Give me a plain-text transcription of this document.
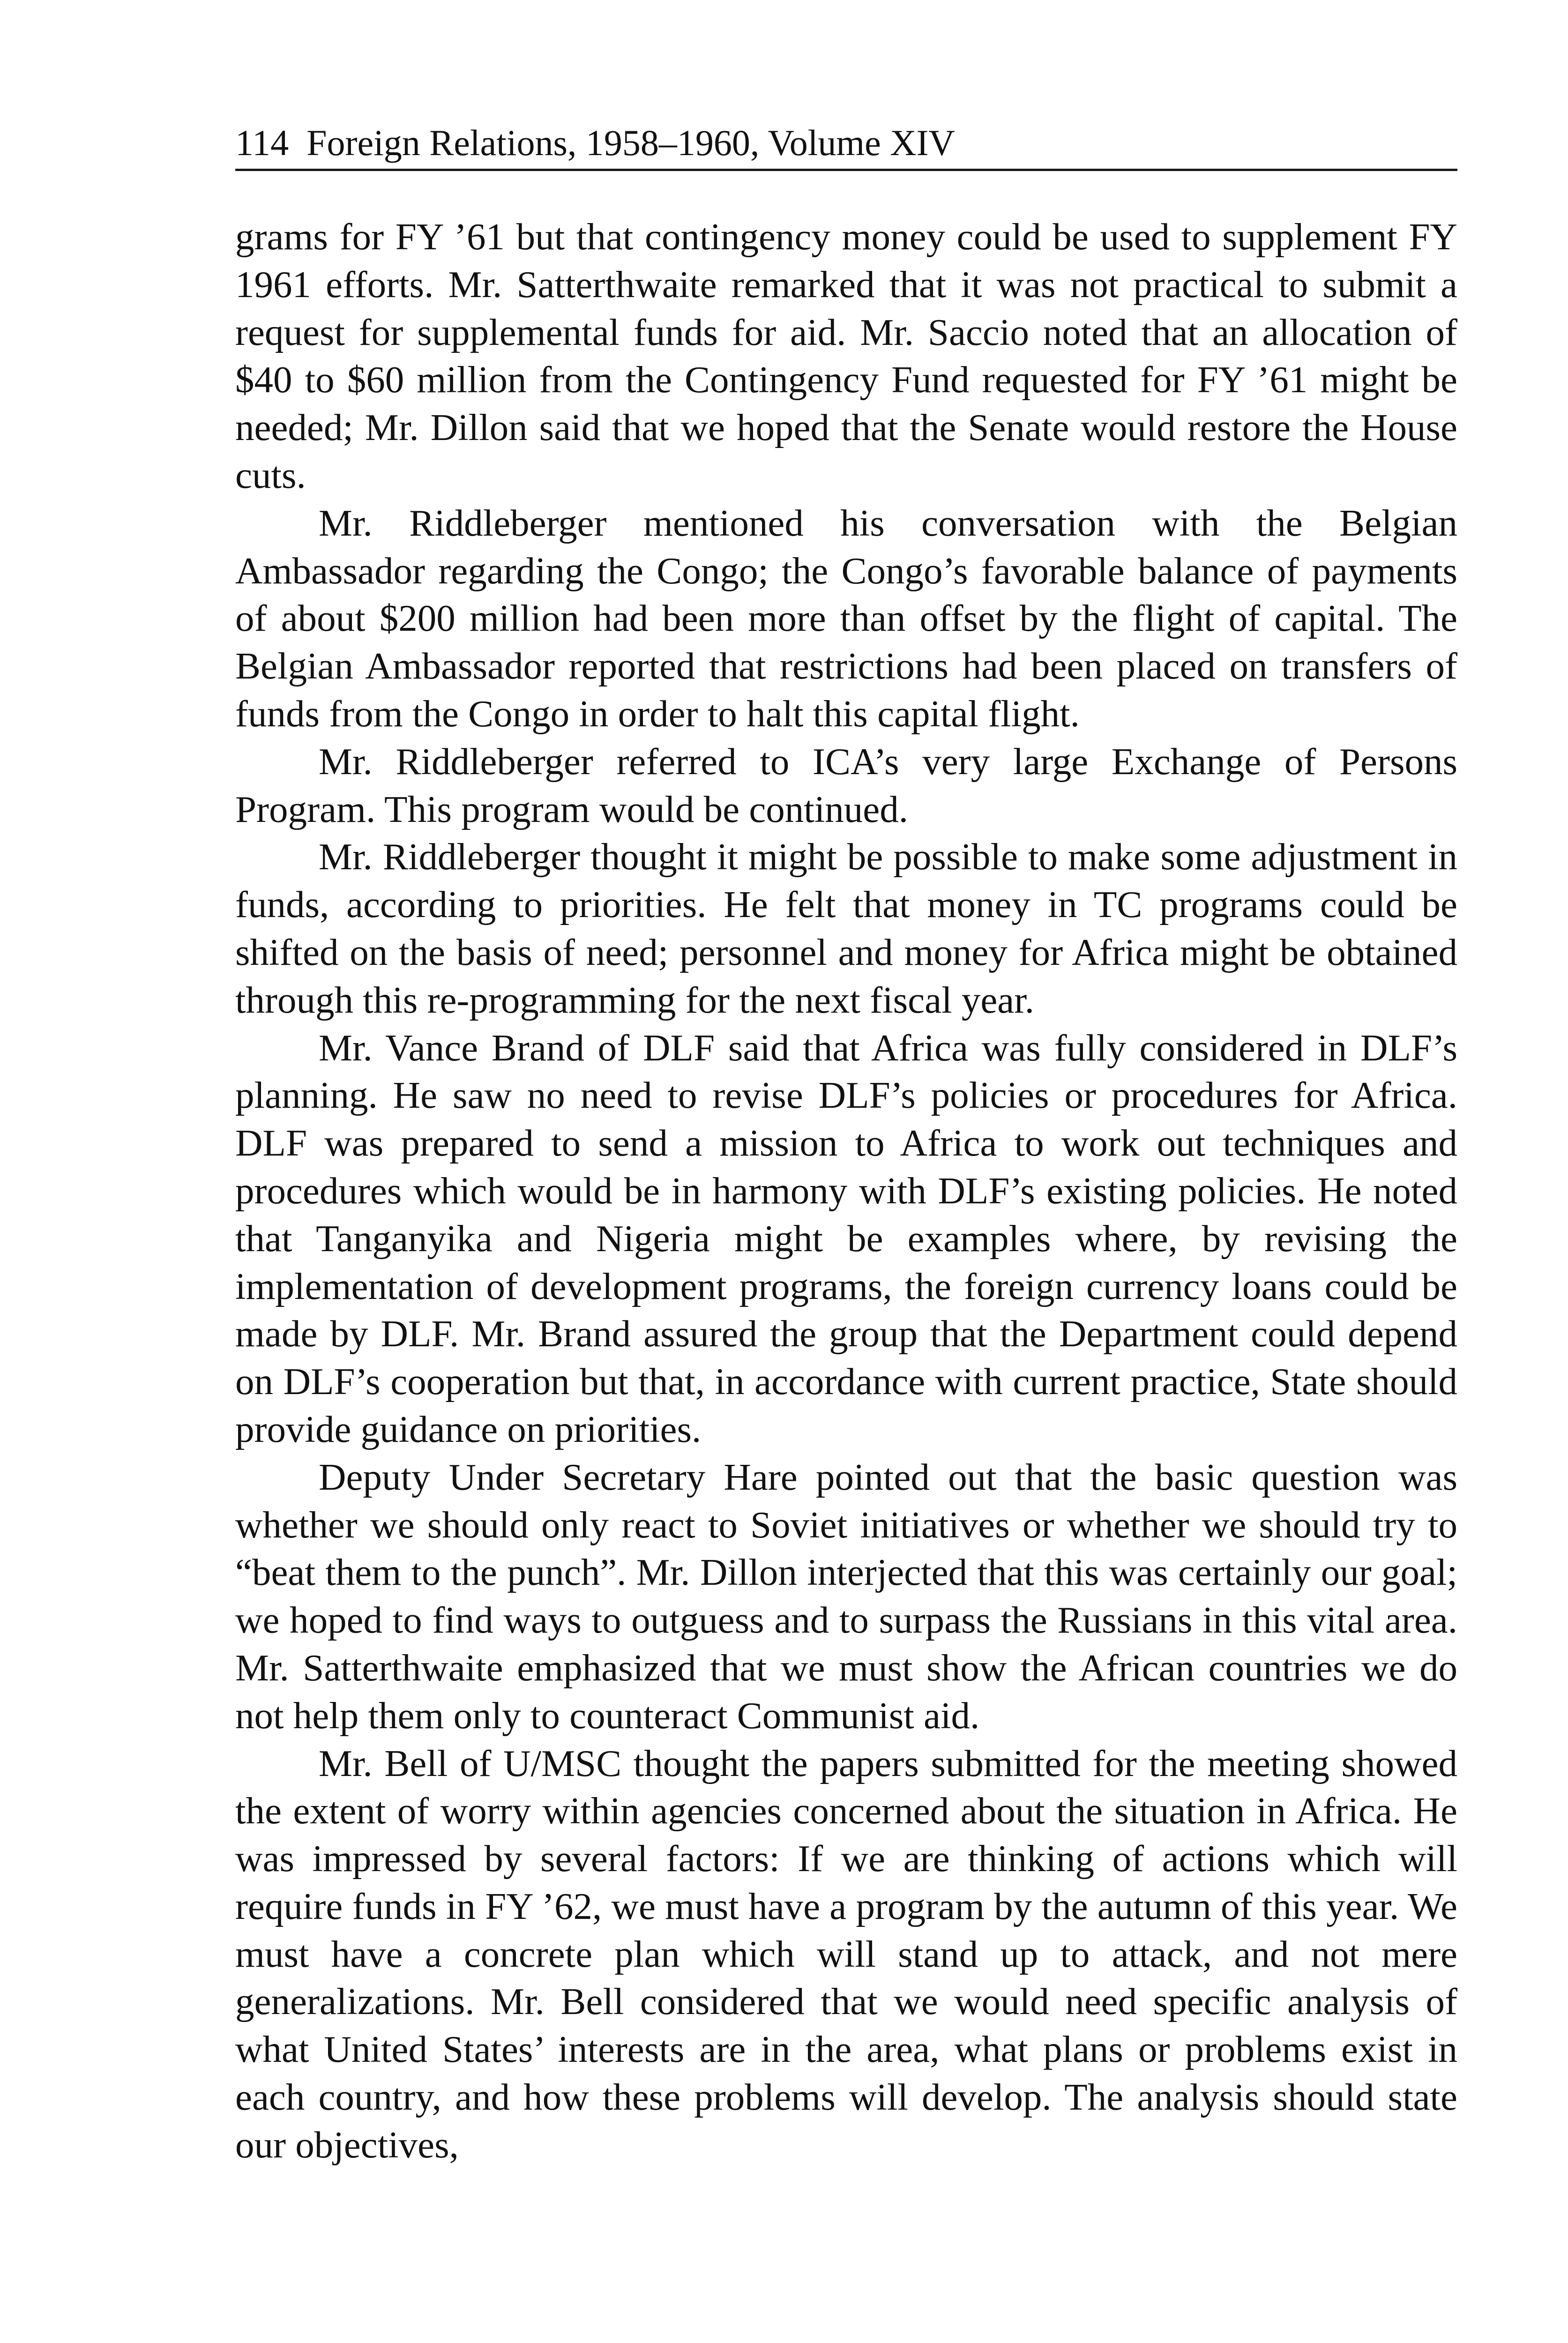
114 Foreign Relations, 1958–1960, Volume XIV

grams for FY ’61 but that contingency money could be used to supplement FY 1961 efforts. Mr. Satterthwaite remarked that it was not practical to submit a request for supplemental funds for aid. Mr. Saccio noted that an allocation of $40 to $60 million from the Contingency Fund requested for FY ’61 might be needed; Mr. Dillon said that we hoped that the Senate would restore the House cuts.

Mr. Riddleberger mentioned his conversation with the Belgian Ambassador regarding the Congo; the Congo’s favorable balance of payments of about $200 million had been more than offset by the flight of capital. The Belgian Ambassador reported that restrictions had been placed on transfers of funds from the Congo in order to halt this capital flight.

Mr. Riddleberger referred to ICA’s very large Exchange of Persons Program. This program would be continued.

Mr. Riddleberger thought it might be possible to make some adjustment in funds, according to priorities. He felt that money in TC programs could be shifted on the basis of need; personnel and money for Africa might be obtained through this re-programming for the next fiscal year.

Mr. Vance Brand of DLF said that Africa was fully considered in DLF’s planning. He saw no need to revise DLF’s policies or procedures for Africa. DLF was prepared to send a mission to Africa to work out techniques and procedures which would be in harmony with DLF’s existing policies. He noted that Tanganyika and Nigeria might be examples where, by revising the implementation of development programs, the foreign currency loans could be made by DLF. Mr. Brand assured the group that the Department could depend on DLF’s cooperation but that, in accordance with current practice, State should provide guidance on priorities.

Deputy Under Secretary Hare pointed out that the basic question was whether we should only react to Soviet initiatives or whether we should try to “beat them to the punch”. Mr. Dillon interjected that this was certainly our goal; we hoped to find ways to outguess and to surpass the Russians in this vital area. Mr. Satterthwaite emphasized that we must show the African countries we do not help them only to counteract Communist aid.

Mr. Bell of U/MSC thought the papers submitted for the meeting showed the extent of worry within agencies concerned about the situation in Africa. He was impressed by several factors: If we are thinking of actions which will require funds in FY ’62, we must have a program by the autumn of this year. We must have a concrete plan which will stand up to attack, and not mere generalizations. Mr. Bell considered that we would need specific analysis of what United States’ interests are in the area, what plans or problems exist in each country, and how these problems will develop. The analysis should state our objectives,
